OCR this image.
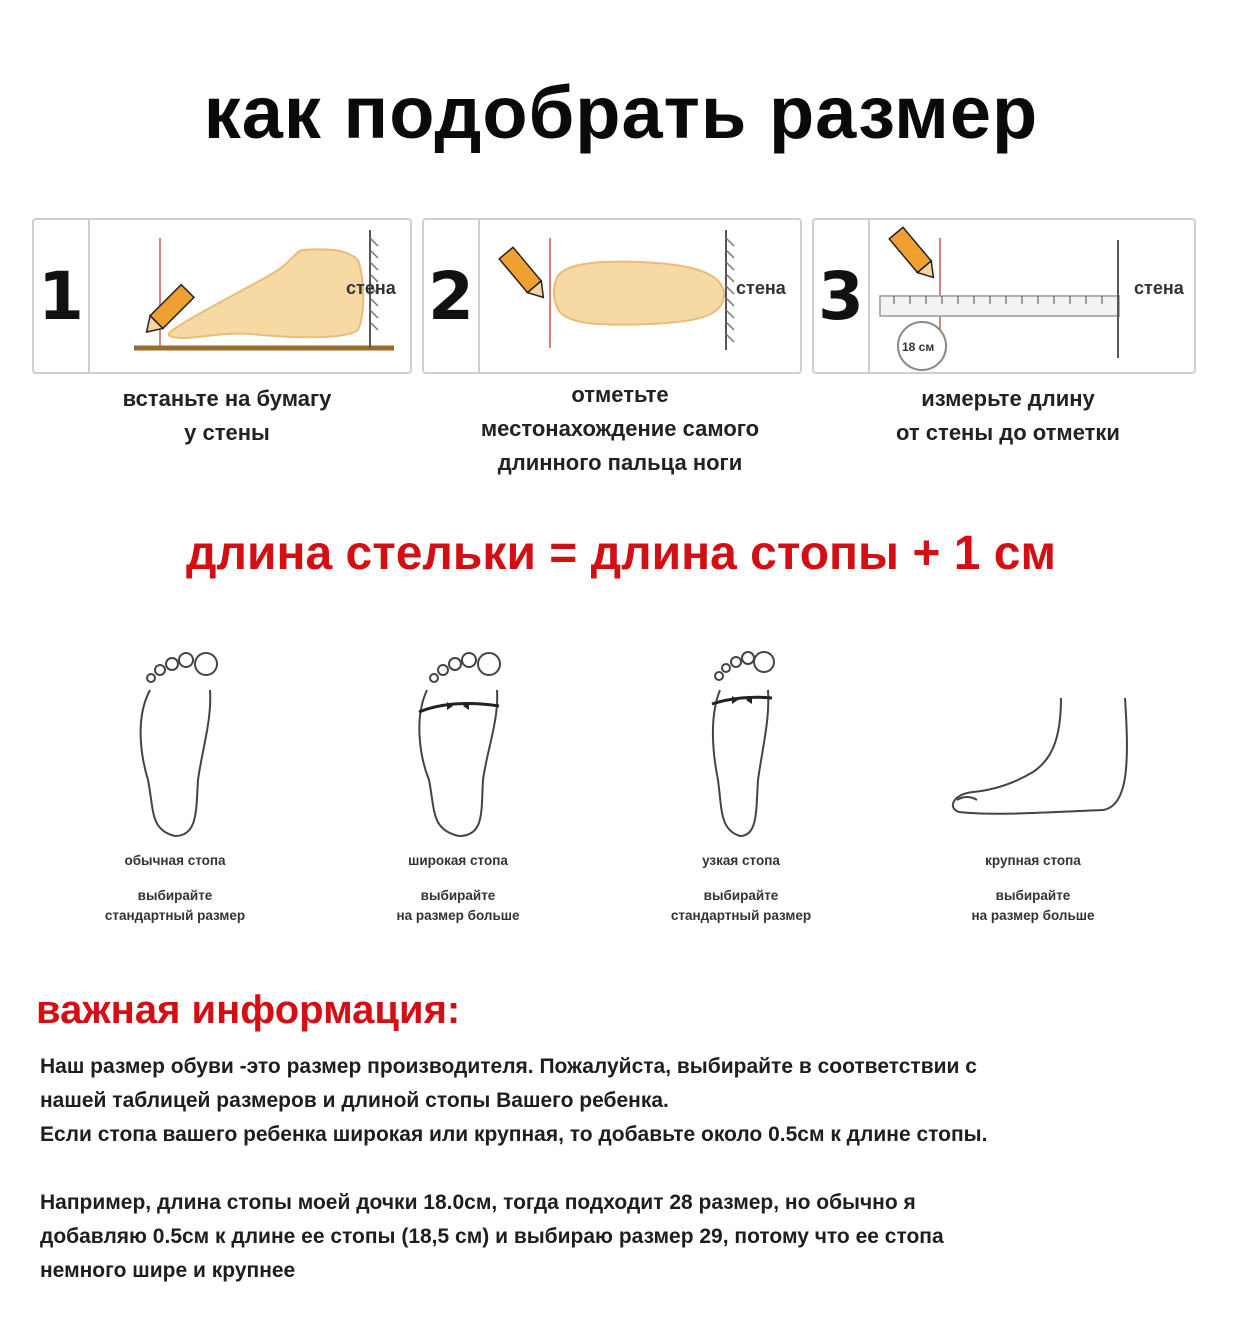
как подобрать размер
1	стена 2	стена 3
18 см
стена
встаньте на бумагу
у стены
отметьте
местонахождение самого
длинного пальца ноги
измерьте длину
от стены до отметки
длина стельки = длина стопы + 1 см
обычная стопа
выбирайте
стандартный размер
широкая стопа
выбирайте
на размер больше
узкая стопа
выбирайте
стандартный размер
крупная стопа
выбирайте
на размер больше
важная информация:
Наш размер обуви -это размер производителя. Пожалуйста, выбирайте в соответствии с
нашей таблицей размеров и длиной стопы Вашего ребенка.
Если стопа вашего ребенка широкая или крупная, то добавьте около 0.5см к длине стопы.
Например, длина стопы моей дочки 18.0см, тогда подходит 28 размер, но обычно я
добавляю 0.5см к длине ее стопы (18,5 см) и выбираю размер 29, потому что ее стопа
немного шире и крупнее
